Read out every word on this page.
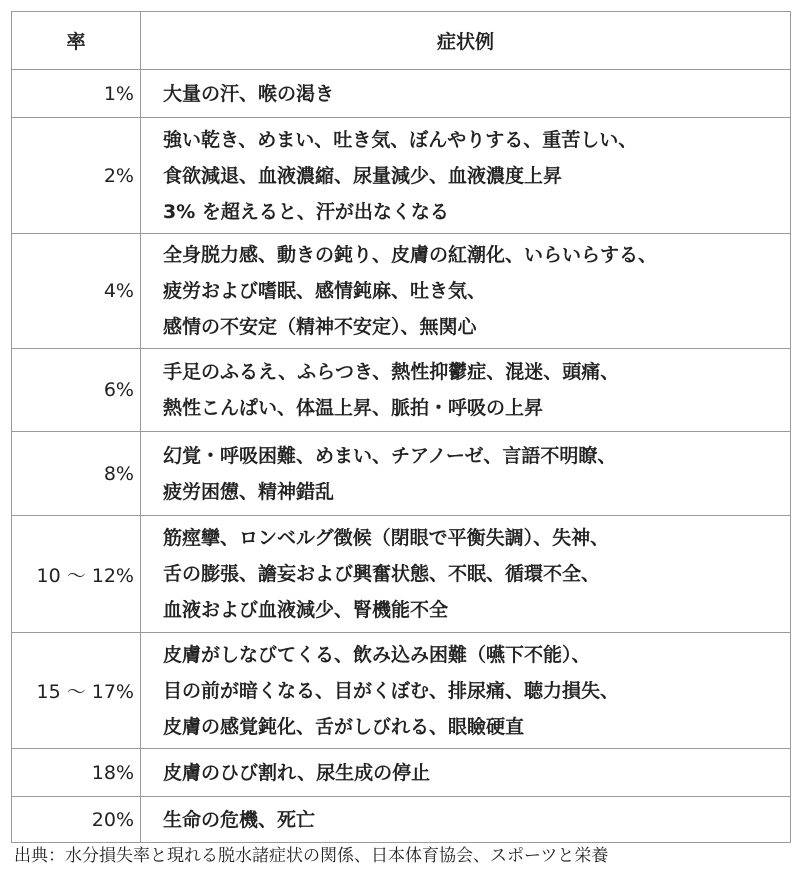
率	症状例
1%	大量の汗、喉の渇き

2%	強い乾き、めまい、吐き気、ぼんやりする、重苦しい、
食欲減退、血液濃縮、尿量減少、血液濃度上昇
3% を超えると、汗が出なくなる

4%	全身脱力感、動きの鈍り、皮膚の紅潮化、いらいらする、
疲労および嗜眠、感情鈍麻、吐き気、
感情の不安定（精神不安定）、無関心

6%	手足のふるえ、ふらつき、熱性抑鬱症、混迷、頭痛、
熱性こんぱい、体温上昇、脈拍・呼吸の上昇

8%	幻覚・呼吸困難、めまい、チアノーゼ、言語不明瞭、
疲労困憊、精神錯乱

10 ～ 12%	筋痙攣、ロンベルグ徴候（閉眼で平衡失調）、失神、
舌の膨張、譫妄および興奮状態、不眠、循環不全、
血液および血液減少、腎機能不全

15 ～ 17%	皮膚がしなびてくる、飲み込み困難（嚥下不能）、
目の前が暗くなる、目がくぼむ、排尿痛、聴力損失、
皮膚の感覚鈍化、舌がしびれる、眼瞼硬直

18%	皮膚のひび割れ、尿生成の停止

20%	生命の危機、死亡
出典：水分損失率と現れる脱水諸症状の関係、日本体育協会、スポーツと栄養
